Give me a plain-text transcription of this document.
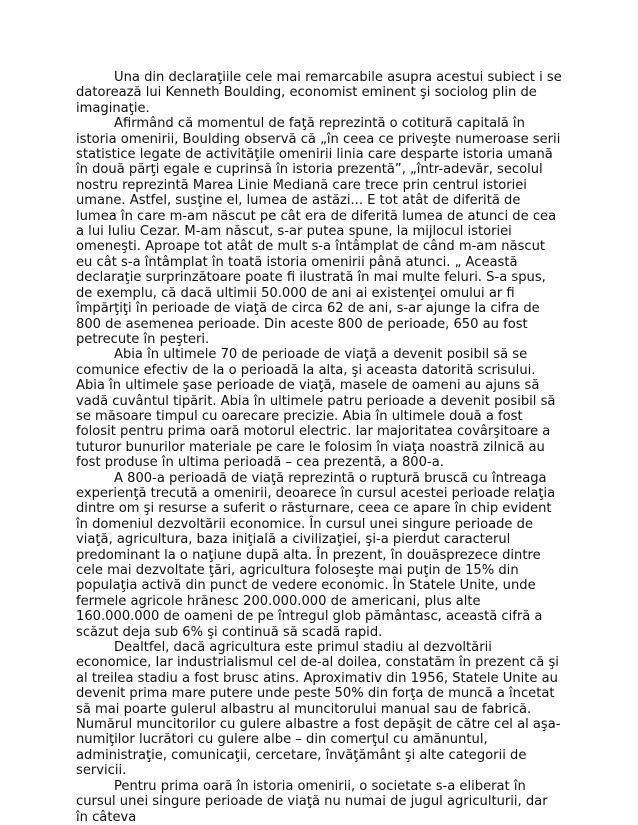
Una din declaraţiile cele mai remarcabile asupra acestui subiect i se datorează lui Kenneth Boulding, economist eminent şi sociolog plin de imaginaţie.

Afirmând că momentul de faţă reprezintă o cotitură capitală în istoria omenirii, Boulding observă că „în ceea ce priveşte numeroase serii statistice legate de activităţile omenirii linia care desparte istoria umană în două părţi egale e cuprinsă în istoria prezentă”, „într-adevăr, secolul nostru reprezintă Marea Linie Mediană care trece prin centrul istoriei umane. Astfel, susţine el, lumea de astăzi... E tot atât de diferită de lumea în care m-am născut pe cât era de diferită lumea de atunci de cea a lui Iuliu Cezar. M-am născut, s-ar putea spune, la mijlocul istoriei omeneşti. Aproape tot atât de mult s-a întâmplat de când m-am născut eu cât s-a întâmplat în toată istoria omenirii până atunci. „ Această declaraţie surprinzătoare poate fi ilustrată în mai multe feluri. S-a spus, de exemplu, că dacă ultimii 50.000 de ani ai existenţei omului ar fi împărţiţi în perioade de viaţă de circa 62 de ani, s-ar ajunge la cifra de 800 de asemenea perioade. Din aceste 800 de perioade, 650 au fost petrecute în peşteri.

Abia în ultimele 70 de perioade de viaţă a devenit posibil să se comunice efectiv de la o perioadă la alta, şi aceasta datorită scrisului. Abia în ultimele şase perioade de viaţă, masele de oameni au ajuns să vadă cuvântul tipărit. Abia în ultimele patru perioade a devenit posibil să se măsoare timpul cu oarecare precizie. Abia în ultimele două a fost folosit pentru prima oară motorul electric. Iar majoritatea covârşitoare a tuturor bunurilor materiale pe care le folosim în viaţa noastră zilnică au fost produse în ultima perioadă – cea prezentă, a 800-a.

A 800-a perioadă de viaţă reprezintă o ruptură bruscă cu întreaga experienţă trecută a omenirii, deoarece în cursul acestei perioade relaţia dintre om şi resurse a suferit o răsturnare, ceea ce apare în chip evident în domeniul dezvoltării economice. În cursul unei singure perioade de viaţă, agricultura, baza iniţială a civilizaţiei, şi-a pierdut caracterul predominant la o naţiune după alta. În prezent, în douăsprezece dintre cele mai dezvoltate ţări, agricultura foloseşte mai puţin de 15% din populaţia activă din punct de vedere economic. În Statele Unite, unde fermele agricole hrănesc 200.000.000 de americani, plus alte 160.000.000 de oameni de pe întregul glob pământasc, această cifră a scăzut deja sub 6% şi continuă să scadă rapid.

Dealtfel, dacă agricultura este primul stadiu al dezvoltării economice, Iar industrialismul cel de-al doilea, constatăm în prezent că şi al treilea stadiu a fost brusc atins. Aproximativ din 1956, Statele Unite au devenit prima mare putere unde peste 50% din forţa de muncă a încetat să mai poarte gulerul albastru al muncitorului manual sau de fabrică. Numărul muncitorilor cu gulere albastre a fost depăşit de către cel al aşa-numiţilor lucrători cu gulere albe – din comerţul cu amănuntul, administraţie, comunicaţii, cercetare, învăţământ şi alte categorii de servicii.

Pentru prima oară în istoria omenirii, o societate s-a eliberat în cursul unei singure perioade de viaţă nu numai de jugul agriculturii, dar în câteva
